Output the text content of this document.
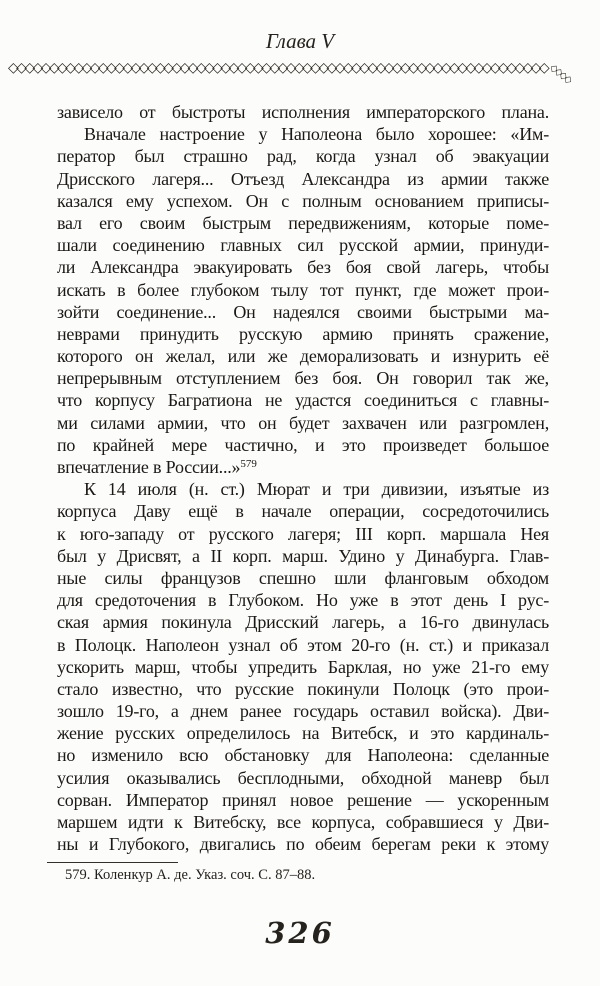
Глава V
◇◇◇◇◇◇◇◇◇◇◇◇◇◇◇◇◇◇◇◇◇◇◇◇◇◇◇◇◇◇◇◇◇◇◇◇◇◇◇◇◇◇◇◇◇◇◇◇◇◇◇◇◇◇◇◇◇◇◇◇◇◇◇◇◇◇ ◇◇◇◇
зависело от быстроты исполнения императорского плана.
Вначале настроение у Наполеона было хорошее: «Им-
ператор был страшно рад, когда узнал об эвакуации
Дрисского лагеря... Отъезд Александра из армии также
казался ему успехом. Он с полным основанием приписы-
вал его своим быстрым передвижениям, которые поме-
шали соединению главных сил русской армии, принуди-
ли Александра эвакуировать без боя свой лагерь, чтобы
искать в более глубоком тылу тот пункт, где может прои-
зойти соединение... Он надеялся своими быстрыми ма-
неврами принудить русскую армию принять сражение,
которого он желал, или же деморализовать и изнурить её
непрерывным отступлением без боя. Он говорил так же,
что корпусу Багратиона не удастся соединиться с главны-
ми силами армии, что он будет захвачен или разгромлен,
по крайней мере частично, и это произведет большое
впечатление в России...»$^{579}$
К 14 июля (н. ст.) Мюрат и три дивизии, изъятые из
корпуса Даву ещё в начале операции, сосредоточились
к юго-западу от русского лагеря; III корп. маршала Нея
был у Дрисвят, а II корп. марш. Удино у Динабурга. Глав-
ные силы французов спешно шли фланговым обходом
для средоточения в Глубоком. Но уже в этот день I рус-
ская армия покинула Дрисский лагерь, а 16-го двинулась
в Полоцк. Наполеон узнал об этом 20-го (н. ст.) и приказал
ускорить марш, чтобы упредить Барклая, но уже 21-го ему
стало известно, что русские покинули Полоцк (это прои-
зошло 19-го, а днем ранее государь оставил войска). Дви-
жение русских определилось на Витебск, и это кардиналь-
но изменило всю обстановку для Наполеона: сделанные
усилия оказывались бесплодными, обходной маневр был
сорван. Император принял новое решение — ускоренным
маршем идти к Витебску, все корпуса, собравшиеся у Дви-
ны и Глубокого, двигались по обеим берегам реки к этому
579. Коленкур А. де. Указ. соч. С. 87–88.
326
